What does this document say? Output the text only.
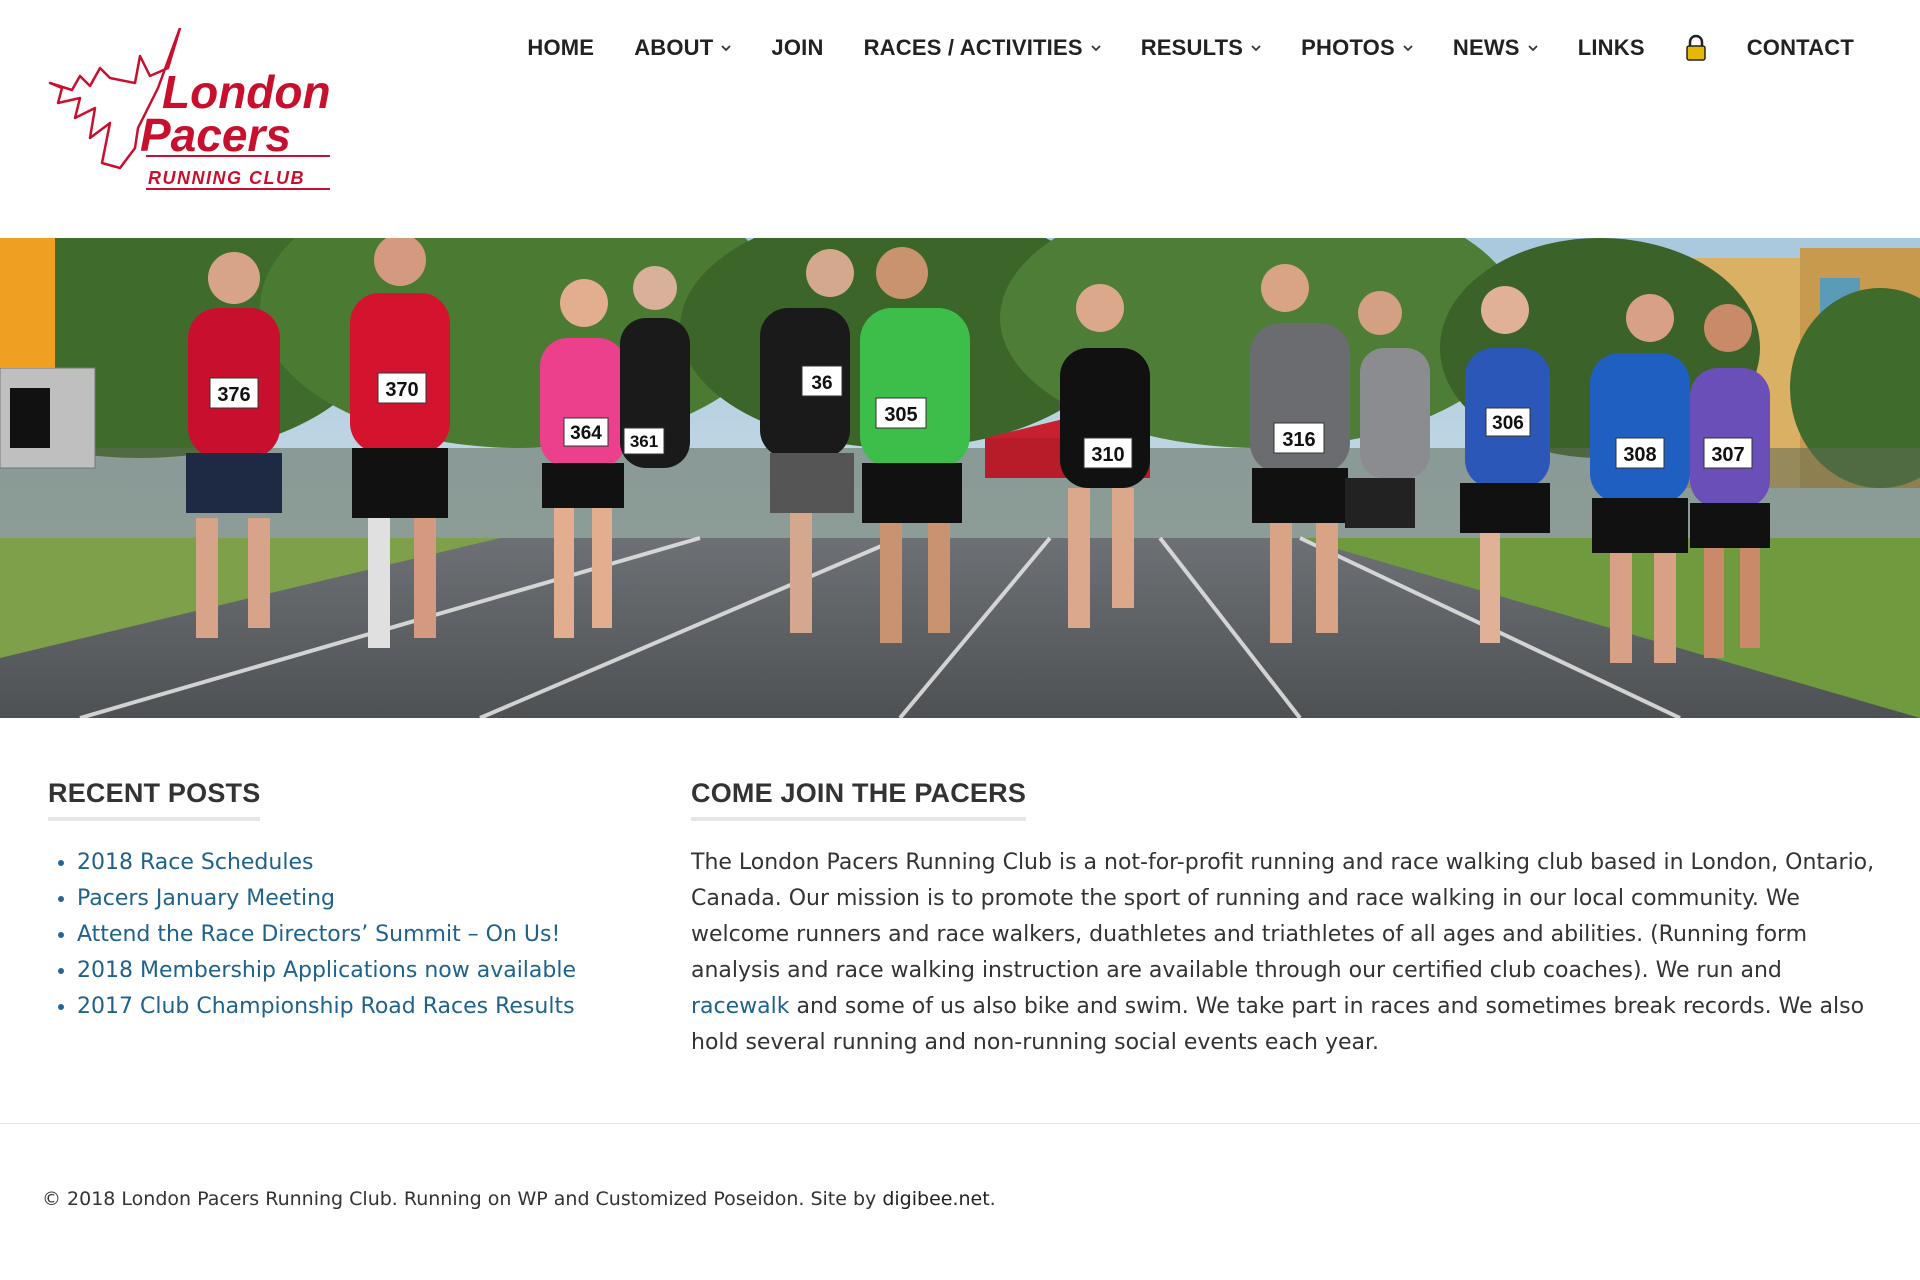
London
Pacers
RUNNING CLUB
HOME ABOUT	JOIN RACES / ACTIVITIES	RESULTS	PHOTOS	NEWS	LINKS	CONTACT
376	370
364 361
36
305
310
316
306
308	307
RECENT POSTS
• 2018 Race Schedules
• Pacers January Meeting
• Attend the Race Directors’ Summit – On Us!
• 2018 Membership Applications now available
• 2017 Club Championship Road Races Results
COME JOIN THE PACERS

The London Pacers Running Club is a not-for-profit running and race walking club based in London, Ontario, Canada. Our mission is to promote the sport of running and race walking in our local community. We welcome runners and race walkers, duathletes and triathletes of all ages and abilities. (Running form analysis and race walking instruction are available through our certified club coaches). We run and racewalk and some of us also bike and swim. We take part in races and sometimes break records. We also hold several running and non-running social events each year.

© 2018 London Pacers Running Club. Running on WP and Customized Poseidon. Site by digibee.net.
